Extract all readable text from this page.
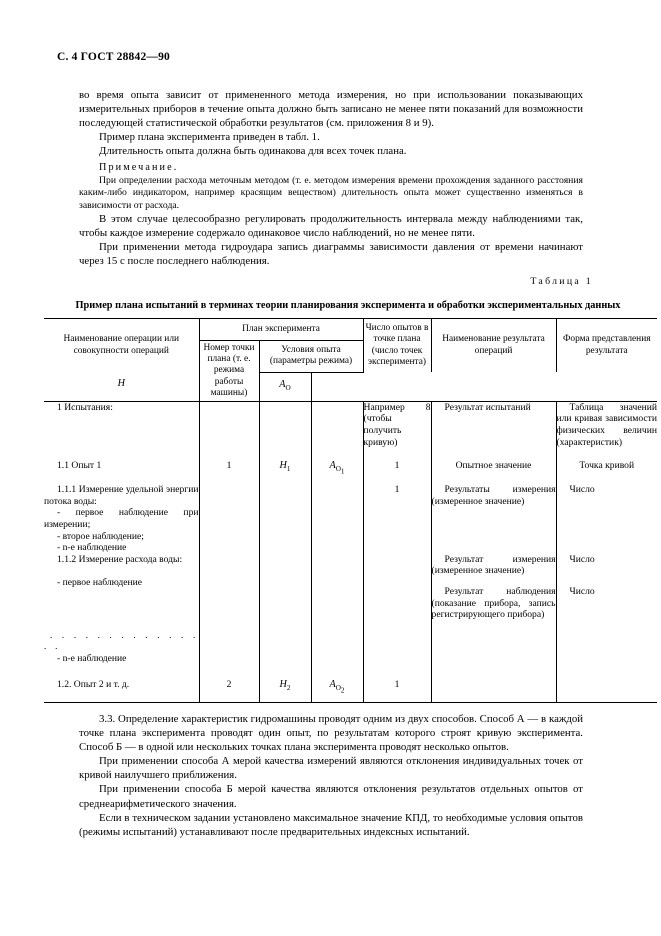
С. 4 ГОСТ 28842—90

во время опыта зависит от примененного метода измерения, но при использовании показывающих измерительных приборов в течение опыта должно быть записано не менее пяти показаний для возможности последующей статистической обработки результатов (см. приложения 8 и 9).

Пример плана эксперимента приведен в табл. 1.

Длительность опыта должна быть одинакова для всех точек плана.

Примечание.

При определении расхода меточным методом (т. е. методом измерения времени прохождения заданного расстояния каким-либо индикатором, например красящим веществом) длительность опыта может существенно изменяться в зависимости от расхода.

В этом случае целесообразно регулировать продолжительность интервала между наблюдениями так, чтобы каждое измерение содержало одинаковое число наблюдений, но не менее пяти.

При применении метода гидроудара запись диаграммы зависимости давления от времени начинают через 15 с после последнего наблюдения.

Таблица 1
Пример плана испытаний в терминах теории планирования эксперимента и обработки экспериментальных данных
Наименование операции или совокупности операций	План эксперимента			Число опытов в точке плана (число точек эксперимента)	Наименование результата операций	Форма представления результата
	Номер точки плана (т. е. режима работы машины)	Условия опыта (параметры режима)				
H		$A_O$

1 Испытания:				Например 8 (чтобы получить кривую)	Результат испытаний	Таблица значений или кривая зависимости физических величин (характеристик)

1.1 Опыт 1	1	$H_1$	$A_{O_1}$	1	Опытное значение	Точка кривой

1.1.1 Измерение удельной энергии потока воды:				1	Результаты измерения (измеренное значение)	Число

- первое наблюдение при измерении;
- второе наблюдение;
- n-е наблюдение						

1.1.2 Измерение расхода воды:					Результат измерения (измеренное значение)	Число

- первое наблюдение					Результат наблюдения (показание прибора, запись регистрирующего прибора)	Число

. . . . . . . . . . . . . . .
- n-е наблюдение						

1.2. Опыт 2 и т. д.	2	$H_2$	$A_{O_2}$	1		

3.3. Определение характеристик гидромашины проводят одним из двух способов. Способ А — в каждой точке плана эксперимента проводят один опыт, по результатам которого строят кривую эксперимента. Способ Б — в одной или нескольких точках плана эксперимента проводят несколько опытов.

При применении способа А мерой качества измерений являются отклонения индивидуальных точек от кривой наилучшего приближения.

При применении способа Б мерой качества являются отклонения результатов отдельных опытов от среднеарифметического значения.

Если в техническом задании установлено максимальное значение КПД, то необходимые условия опытов (режимы испытаний) устанавливают после предварительных индексных испытаний.
